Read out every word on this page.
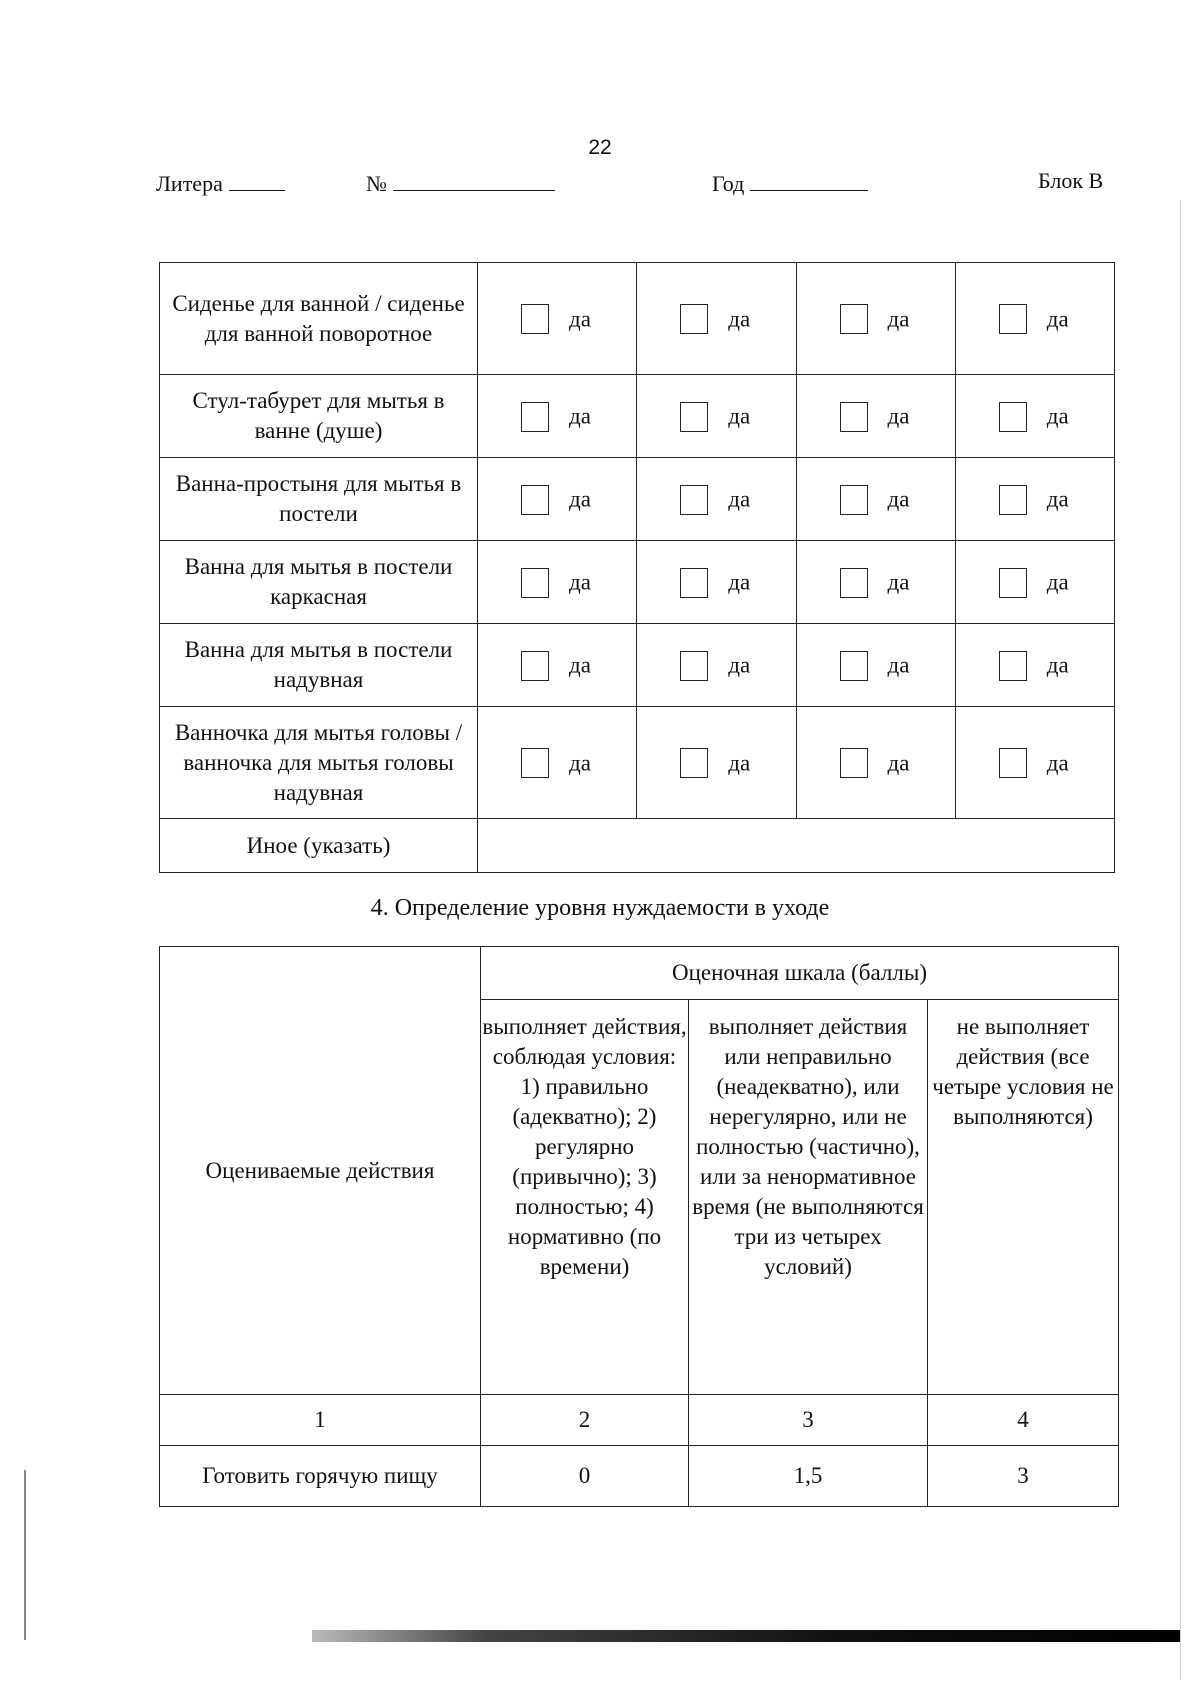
22
Литера	№	Год	Блок В
Сиденье для ванной / сиденье для ванной поворотное	да	да	да	да
Стул-табурет для мытья в ванне (душе)	да	да	да	да
Ванна-простыня для мытья в постели	да	да	да	да
Ванна для мытья в постели каркасная	да	да	да	да
Ванна для мытья в постели надувная	да	да	да	да
Ванночка для мытья головы / ванночка для мытья головы надувная	да	да	да	да
Иное (указать)				
4. Определение уровня нуждаемости в уходе
Оцениваемые действия	Оценочная шкала (баллы)		
	выполняет действия, соблюдая условия: 1) правильно (адекватно); 2) регулярно (привычно); 3) полностью; 4) нормативно (по времени)	выполняет действия или неправильно (неадекватно), или нерегулярно, или не полностью (частично), или за ненормативное время (не выполняются три из четырех условий)	не выполняет действия (все четыре условия не выполняются)
1	2	3	4
Готовить горячую пищу	0	1,5	3
